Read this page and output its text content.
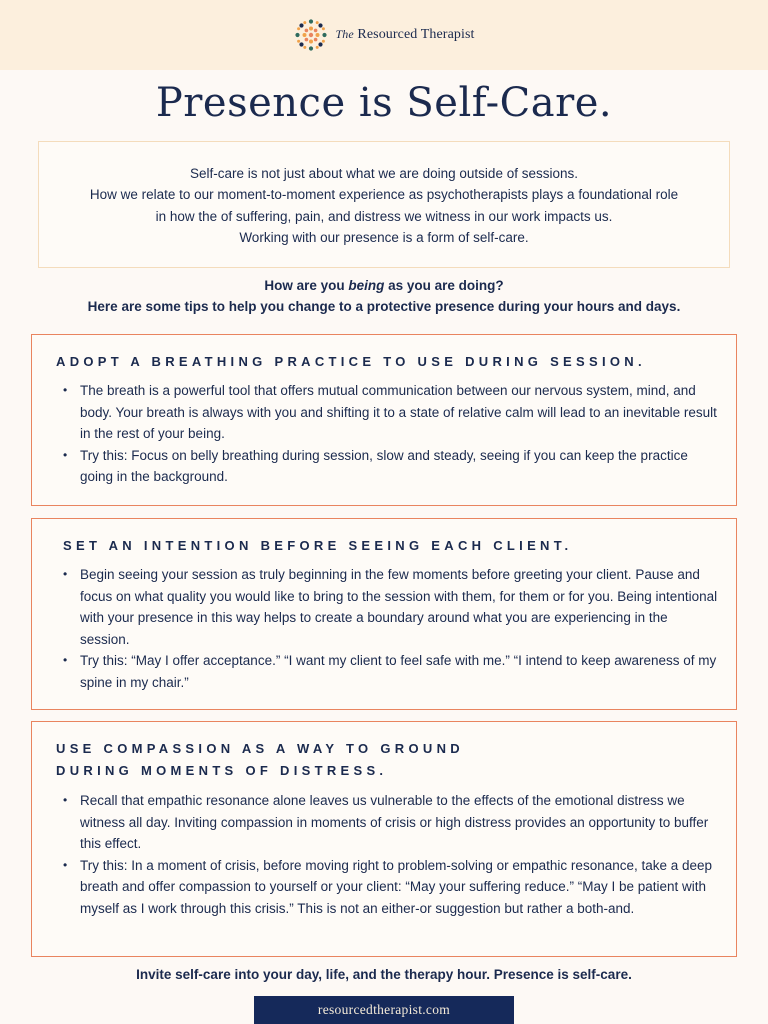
The Resourced Therapist
Presence is Self-Care.

Self-care is not just about what we are doing outside of sessions.

How we relate to our moment-to-moment experience as psychotherapists plays a foundational role

in how the of suffering, pain, and distress we witness in our work impacts us.

Working with our presence is a form of self-care.

How are you being as you are doing?
Here are some tips to help you change to a protective presence during your hours and days.
ADOPT A BREATHING PRACTICE TO USE DURING SESSION.
• The breath is a powerful tool that offers mutual communication between our nervous system, mind, and body. Your breath is always with you and shifting it to a state of relative calm will lead to an inevitable result in the rest of your being.
• Try this: Focus on belly breathing during session, slow and steady, seeing if you can keep the practice going in the background.
SET AN INTENTION BEFORE SEEING EACH CLIENT.
• Begin seeing your session as truly beginning in the few moments before greeting your client. Pause and focus on what quality you would like to bring to the session with them, for them or for you. Being intentional with your presence in this way helps to create a boundary around what you are experiencing in the session.
• Try this: “May I offer acceptance.” “I want my client to feel safe with me.” “I intend to keep awareness of my spine in my chair.”
USE COMPASSION AS A WAY TO GROUND
DURING MOMENTS OF DISTRESS.
• Recall that empathic resonance alone leaves us vulnerable to the effects of the emotional distress we witness all day. Inviting compassion in moments of crisis or high distress provides an opportunity to buffer this effect.
• Try this: In a moment of crisis, before moving right to problem-solving or empathic resonance, take a deep breath and offer compassion to yourself or your client: “May your suffering reduce.” “May I be patient with myself as I work through this crisis.” This is not an either-or suggestion but rather a both-and.
Invite self-care into your day, life, and the therapy hour. Presence is self-care.
resourcedtherapist.com
